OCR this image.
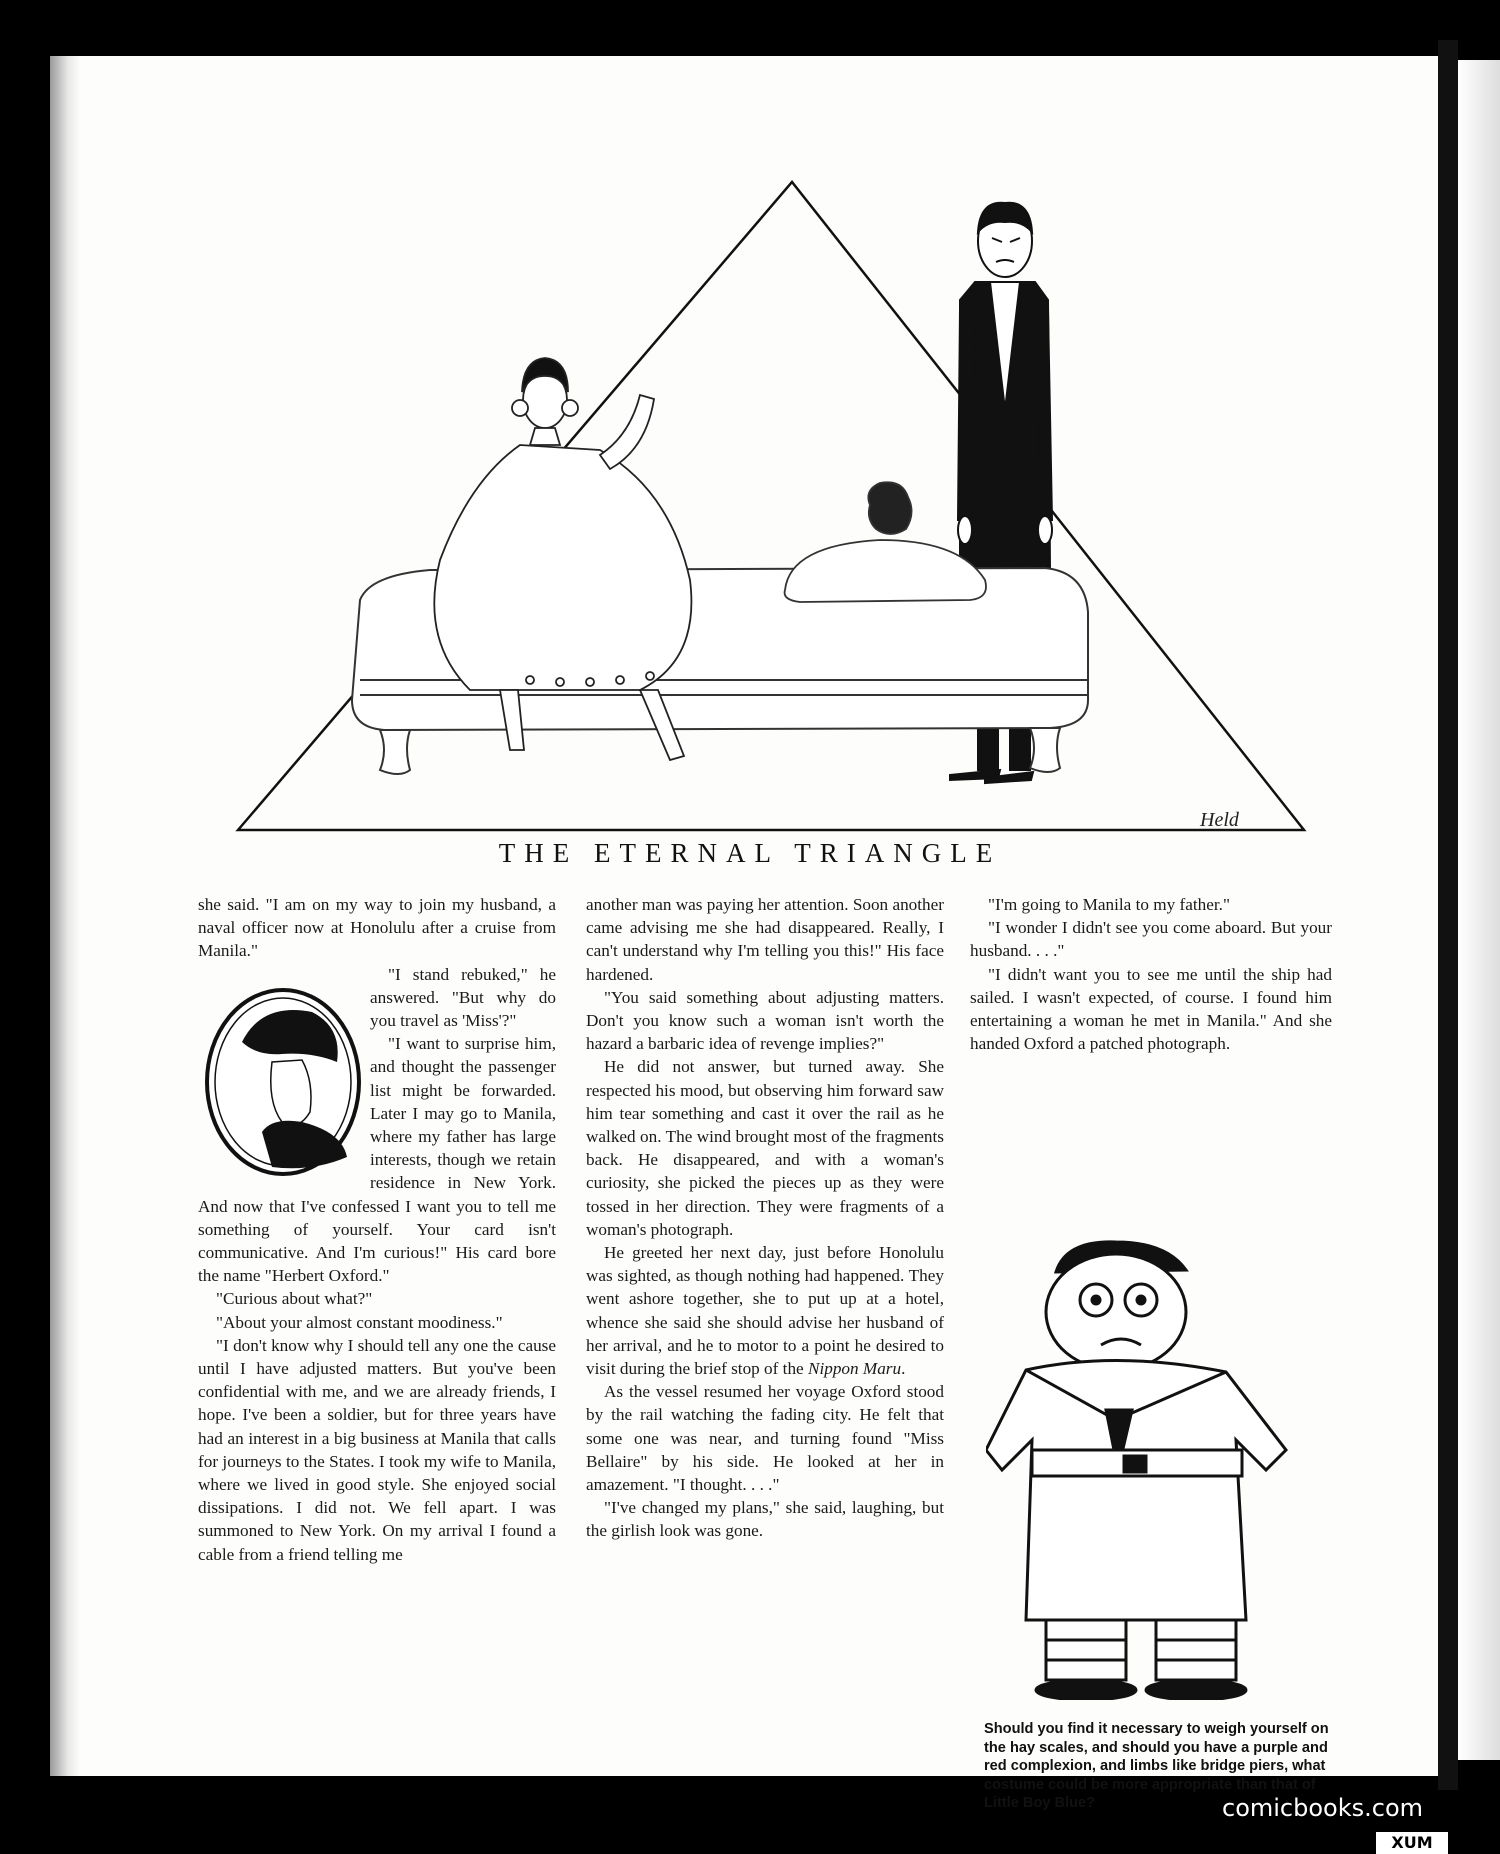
Held
THE ETERNAL TRIANGLE

she said. "I am on my way to join my husband, a naval officer now at Honolulu after a cruise from Manila."

"I stand rebuked," he answered. "But why do you travel as 'Miss'?"

"I want to surprise him, and thought the passenger list might be forwarded. Later I may go to Manila, where my father has large interests, though we retain residence in New York. And now that I've confessed I want you to tell me something of yourself. Your card isn't communicative. And I'm curious!" His card bore the name "Herbert Oxford."

"Curious about what?"

"About your almost constant moodiness."

"I don't know why I should tell any one the cause until I have adjusted matters. But you've been confidential with me, and we are already friends, I hope. I've been a soldier, but for three years have had an interest in a big business at Manila that calls for journeys to the States. I took my wife to Manila, where we lived in good style. She enjoyed social dissipations. I did not. We fell apart. I was summoned to New York. On my arrival I found a cable from a friend telling me

another man was paying her attention. Soon another came advising me she had disappeared. Really, I can't understand why I'm telling you this!" His face hardened.

"You said something about adjusting matters. Don't you know such a woman isn't worth the hazard a barbaric idea of revenge implies?"

He did not answer, but turned away. She respected his mood, but observing him forward saw him tear something and cast it over the rail as he walked on. The wind brought most of the fragments back. He disappeared, and with a woman's curiosity, she picked the pieces up as they were tossed in her direction. They were fragments of a woman's photograph.

He greeted her next day, just before Honolulu was sighted, as though nothing had happened. They went ashore together, she to put up at a hotel, whence she said she should advise her husband of her arrival, and he to motor to a point he desired to visit during the brief stop of the Nippon Maru.

As the vessel resumed her voyage Oxford stood by the rail watching the fading city. He felt that some one was near, and turning found "Miss Bellaire" by his side. He looked at her in amazement. "I thought. . . ."

"I've changed my plans," she said, laughing, but the girlish look was gone.

"I'm going to Manila to my father."

"I wonder I didn't see you come aboard. But your husband. . . ."

"I didn't want you to see me until the ship had sailed. I wasn't expected, of course. I found him entertaining a woman he met in Manila." And she handed Oxford a patched photograph.

Should you find it necessary to weigh yourself on the hay scales, and should you have a purple and red complexion, and limbs like bridge piers, what costume could be more appropriate than that of Little Boy Blue?	comicbooks.com
XUM
